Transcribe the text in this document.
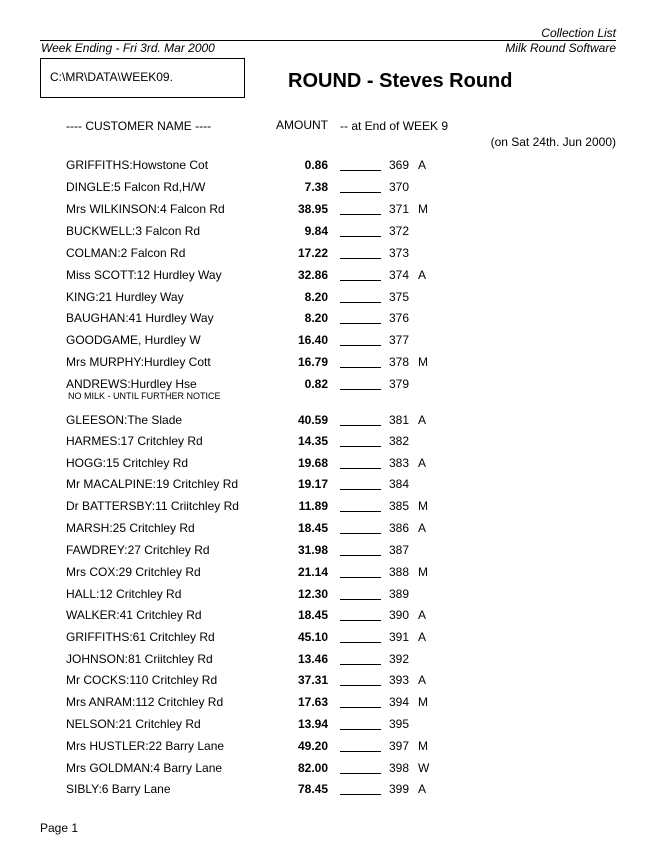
Collection List
Week Ending - Fri 3rd. Mar 2000	Milk Round Software
C:\MR\DATA\WEEK09.	ROUND - Steves Round
---- CUSTOMER NAME ----	AMOUNT -- at End of WEEK 9
(on Sat 24th. Jun 2000)
GRIFFITHS:Howstone Cot	0.86	369 A
DINGLE:5 Falcon Rd,H/W	7.38	370
Mrs WILKINSON:4 Falcon Rd	38.95	371 M
BUCKWELL:3 Falcon Rd	9.84	372
COLMAN:2 Falcon Rd	17.22	373
Miss SCOTT:12 Hurdley Way	32.86	374 A
KING:21 Hurdley Way	8.20	375
BAUGHAN:41 Hurdley Way	8.20	376
GOODGAME, Hurdley W	16.40	377
Mrs MURPHY:Hurdley Cott	16.79	378 M
ANDREWS:Hurdley Hse	0.82	379
NO MILK - UNTIL FURTHER NOTICE
GLEESON:The Slade	40.59	381 A
HARMES:17 Critchley Rd	14.35	382
HOGG:15 Critchley Rd	19.68	383 A
Mr MACALPINE:19 Critchley Rd	19.17	384
Dr BATTERSBY:11 Criitchley Rd	11.89	385 M
MARSH:25 Critchley Rd	18.45	386 A
FAWDREY:27 Critchley Rd	31.98	387
Mrs COX:29 Critchley Rd	21.14	388 M
HALL:12 Critchley Rd	12.30	389
WALKER:41 Critchley Rd	18.45	390 A
GRIFFITHS:61 Critchley Rd	45.10	391 A
JOHNSON:81 Criitchley Rd	13.46	392
Mr COCKS:110 Critchley Rd	37.31	393 A
Mrs ANRAM:112 Critchley Rd	17.63	394 M
NELSON:21 Critchley Rd	13.94	395
Mrs HUSTLER:22 Barry Lane	49.20	397 M
Mrs GOLDMAN:4 Barry Lane	82.00	398 W
SIBLY:6 Barry Lane	78.45	399 A
Page 1
